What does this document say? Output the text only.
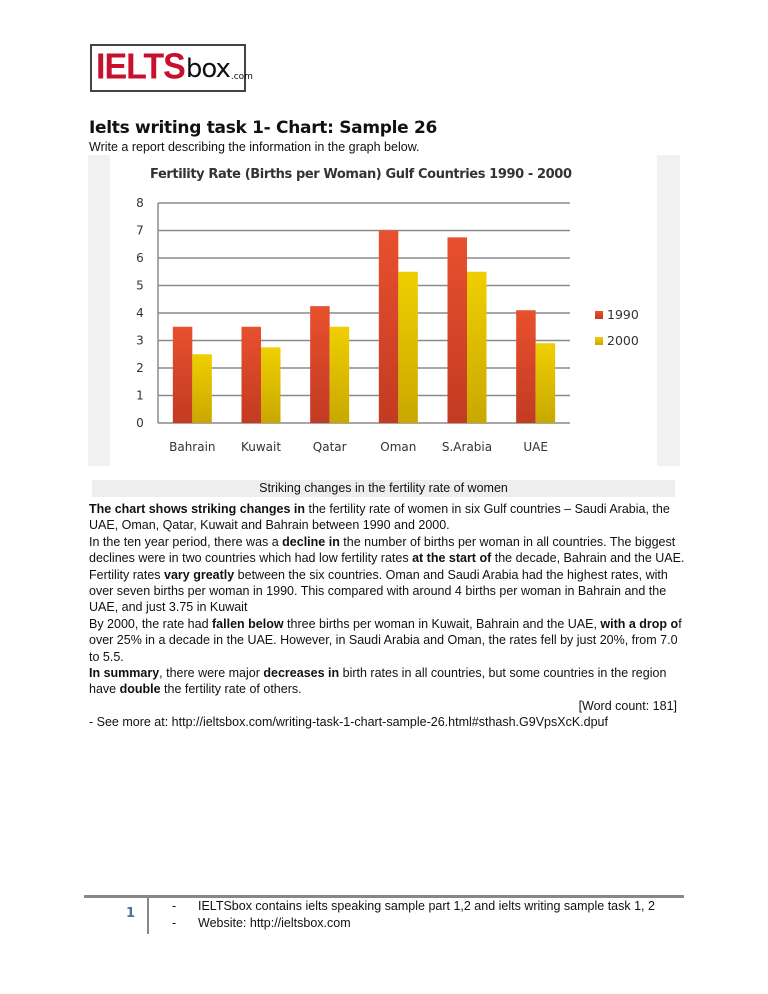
IELTS box .com
Ielts writing task 1- Chart: Sample 26
Write a report describing the information in the graph below.
Fertility Rate (Births per Woman) Gulf Countries 1990 - 2000
0
1
2
3
4
5
6
7
8
Bahrain Kuwait	Qatar	Oman S.Arabia	UAE
1990
2000
Striking changes in the fertility rate of women

The chart shows striking changes in the fertility rate of women in six Gulf countries – Saudi Arabia, the UAE, Oman, Qatar, Kuwait and Bahrain between 1990 and 2000.

In the ten year period, there was a decline in the number of births per woman in all countries. The biggest declines were in two countries which had low fertility rates at the start of the decade, Bahrain and the UAE.

Fertility rates vary greatly between the six countries. Oman and Saudi Arabia had the highest rates, with over seven births per woman in 1990. This compared with around 4 births per woman in Bahrain and the UAE, and just 3.75 in Kuwait

By 2000, the rate had fallen below three births per woman in Kuwait, Bahrain and the UAE, with a drop of over 25% in a decade in the UAE. However, in Saudi Arabia and Oman, the rates fell by just 20%, from 7.0 to 5.5.

In summary, there were major decreases in birth rates in all countries, but some countries in the region have double the fertility rate of others.

[Word count: 181]

- See more at: http://ieltsbox.com/writing-task-1-chart-sample-26.html#sthash.G9VpsXcK.dpuf

1	-	IELTSbox contains ielts speaking sample part 1,2 and ielts writing sample task 1, 2
-	Website: http://ieltsbox.com
